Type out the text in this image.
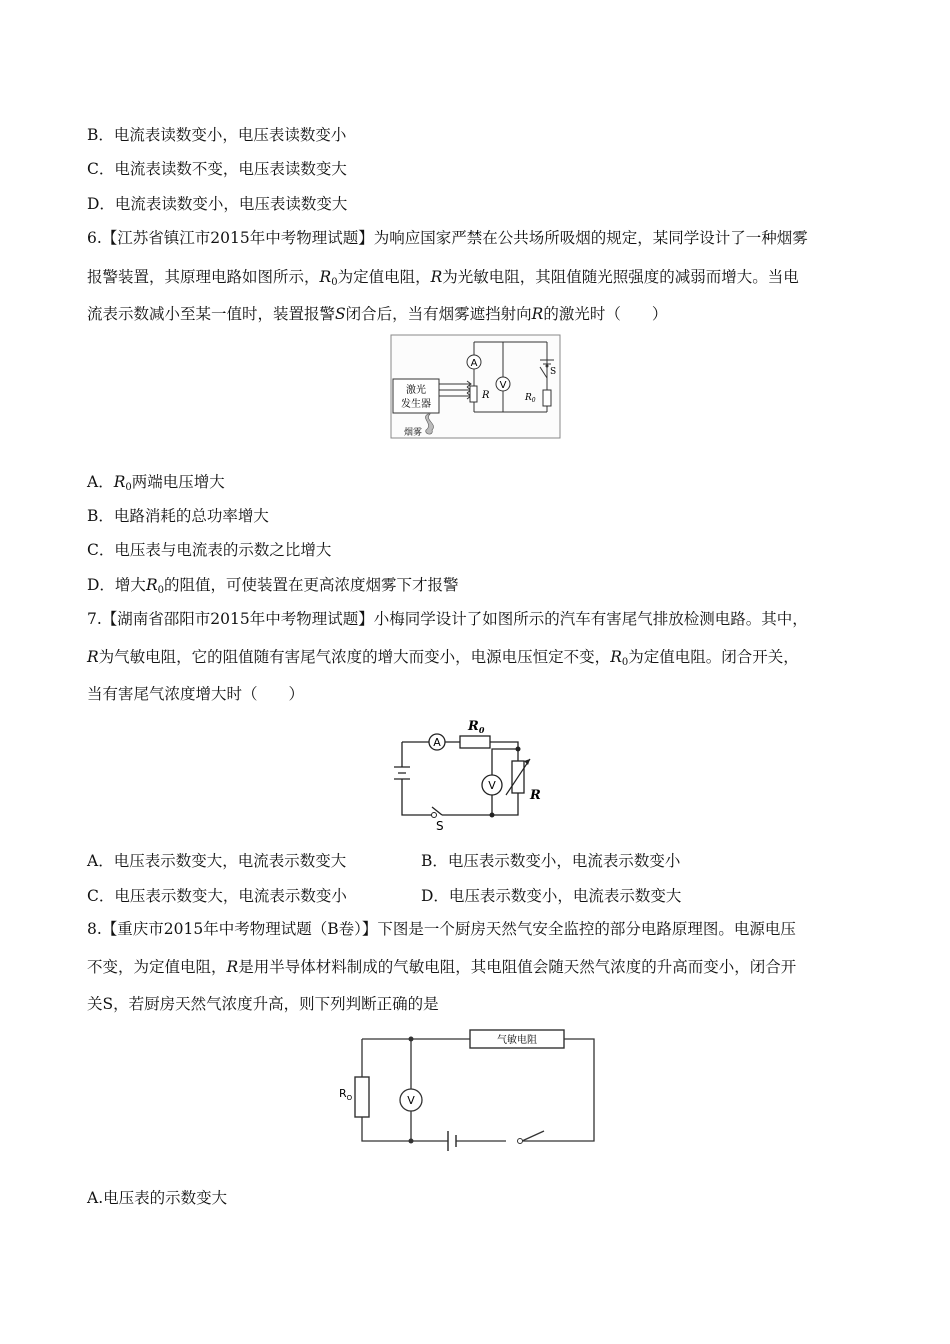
B．电流表读数变小，电压表读数变小
C．电流表读数不变，电压表读数变大
D．电流表读数变小，电压表读数变大
6.【江苏省镇江市2015年中考物理试题】为响应国家严禁在公共场所吸烟的规定，某同学设计了一种烟雾
报警装置，其原理电路如图所示，$R_0$为定值电阻，R为光敏电阻，其阻值随光照强度的减弱而增大。当电
流表示数减小至某一值时，装置报警S闭合后，当有烟雾遮挡射向R的激光时（　　）
A
V
R	$R_0$
S
激光
发生器
烟雾
A．$R_0$两端电压增大
B．电路消耗的总功率增大
C．电压表与电流表的示数之比增大
D．增大$R_0$的阻值，可使装置在更高浓度烟雾下才报警
7.【湖南省邵阳市2015年中考物理试题】小梅同学设计了如图所示的汽车有害尾气排放检测电路。其中，
R为气敏电阻，它的阻值随有害尾气浓度的增大而变小，电源电压恒定不变，$R_0$为定值电阻。闭合开关，
当有害尾气浓度增大时（　　）
A
V
$R_0$
R
S
A．电压表示数变大，电流表示数变大	B．电压表示数变小，电流表示数变小
C．电压表示数变大，电流表示数变小	D．电压表示数变小，电流表示数变大
8.【重庆市2015年中考物理试题（B卷）】下图是一个厨房天然气安全监控的部分电路原理图。电源电压
不变，为定值电阻，R是用半导体材料制成的气敏电阻，其电阻值会随天然气浓度的升高而变小，闭合开
关S，若厨房天然气浓度升高，则下列判断正确的是
气敏电阻
V
$R_O$
A.电压表的示数变大
